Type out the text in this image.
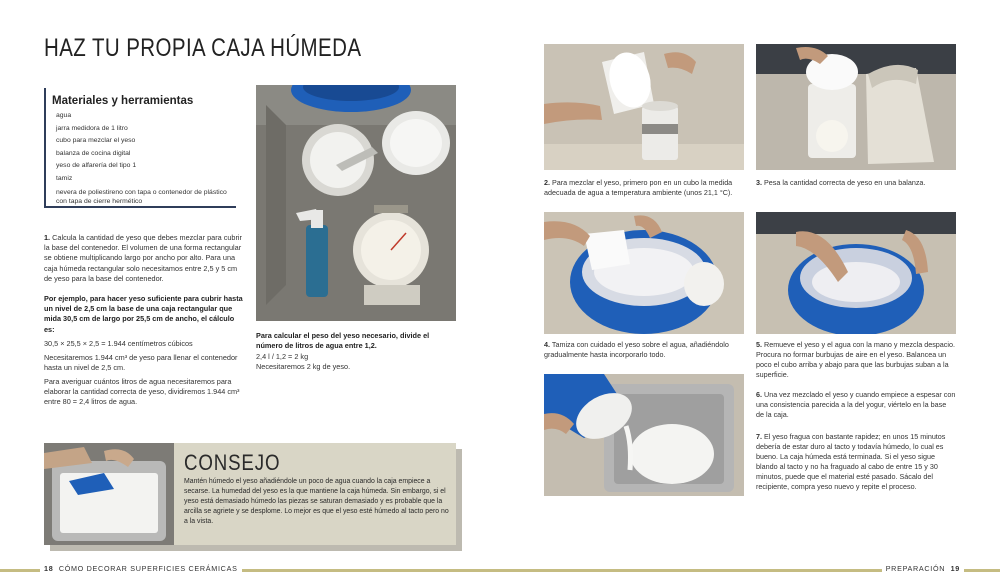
HAZ TU PROPIA CAJA HÚMEDA
Materiales y herramientas
agua
jarra medidora de 1 litro
cubo para mezclar el yeso
balanza de cocina digital
yeso de alfarería del tipo 1
tamiz
nevera de poliestireno con tapa o contenedor de plástico con tapa de cierre hermético
1. Calcula la cantidad de yeso que debes mezclar para cubrir la base del contenedor. El volumen de una forma rectangular se obtiene multiplicando largo por ancho por alto. Para una caja húmeda rectangular solo necesitamos entre 2,5 y 5 cm de yeso para la base del contenedor.
Por ejemplo, para hacer yeso suficiente para cubrir hasta un nivel de 2,5 cm la base de una caja rectangular que mida 30,5 cm de largo por 25,5 cm de ancho, el cálculo es:
30,5 × 25,5 × 2,5 = 1.944 centímetros cúbicos
Necesitaremos 1.944 cm³ de yeso para llenar el contenedor hasta un nivel de 2,5 cm.
Para averiguar cuántos litros de agua necesitaremos para elaborar la cantidad correcta de yeso, dividiremos 1.944 cm³ entre 80 = 2,4 litros de agua.
Para calcular el peso del yeso necesario, divide el número de litros de agua entre 1,2.
2,4 l / 1,2 = 2 kg
Necesitaremos 2 kg de yeso.
CONSEJO
Mantén húmedo el yeso añadiéndole un poco de agua cuando la caja empiece a secarse. La humedad del yeso es la que mantiene la caja húmeda. Sin embargo, si el yeso está demasiado húmedo las piezas se saturan demasiado y es probable que la arcilla se agriete y se desplome. Lo mejor es que el yeso esté húmedo al tacto pero no a la vista.
2. Para mezclar el yeso, primero pon en un cubo la medida adecuada de agua a temperatura ambiente (unos 21,1 °C).
3. Pesa la cantidad correcta de yeso en una balanza.
4. Tamiza con cuidado el yeso sobre el agua, añadiéndolo gradualmente hasta incorporarlo todo.
5. Remueve el yeso y el agua con la mano y mezcla despacio. Procura no formar burbujas de aire en el yeso. Balancea un poco el cubo arriba y abajo para que las burbujas suban a la superficie.
6. Una vez mezclado el yeso y cuando empiece a espesar con una consistencia parecida a la del yogur, viértelo en la base de la caja.
7. El yeso fragua con bastante rapidez; en unos 15 minutos debería de estar duro al tacto y todavía húmedo, lo cual es bueno. La caja húmeda está terminada. Si el yeso sigue blando al tacto y no ha fraguado al cabo de entre 15 y 30 minutos, puede que el material esté pasado. Sácalo del recipiente, compra yeso nuevo y repite el proceso.
18 CÓMO DECORAR SUPERFICIES CERÁMICAS	PREPARACIÓN 19
